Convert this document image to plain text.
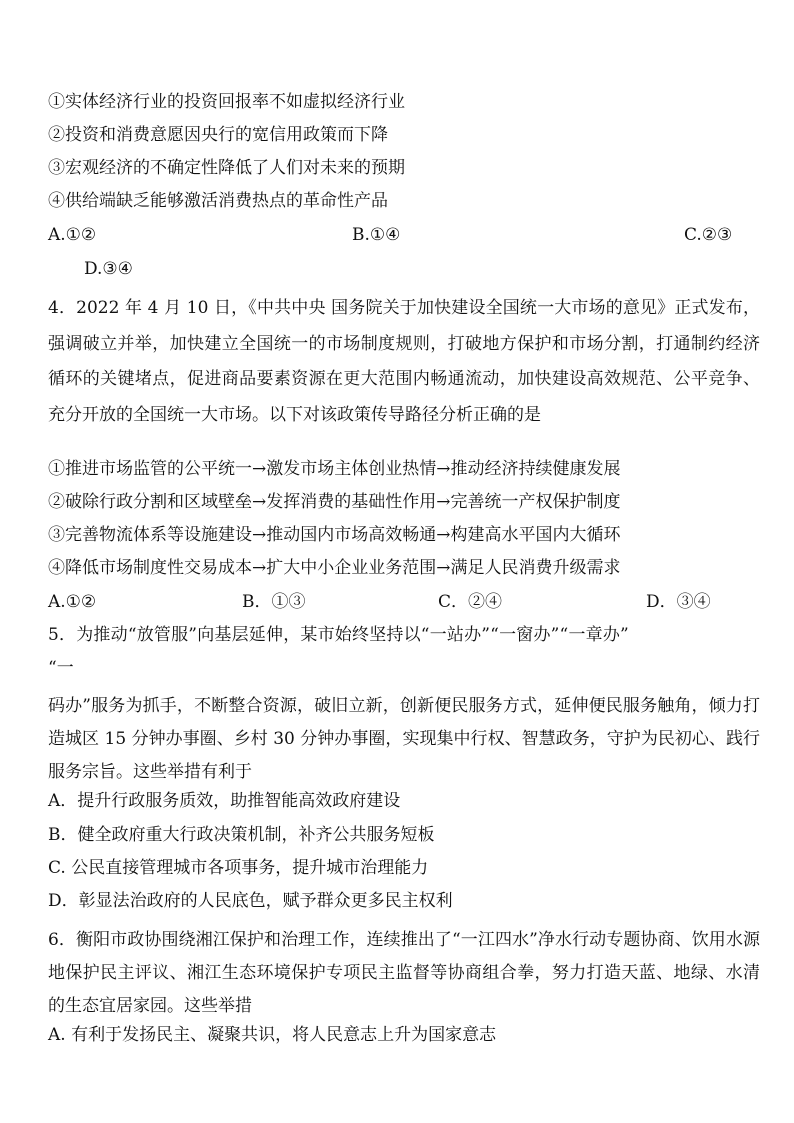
①实体经济行业的投资回报率不如虚拟经济行业
②投资和消费意愿因央行的宽信用政策而下降
③宏观经济的不确定性降低了人们对未来的预期
④供给端缺乏能够激活消费热点的革命性产品
A.①②	B.①④	C.②③
D.③④
4．2022 年 4 月 10 日，《中共中央 国务院关于加快建设全国统一大市场的意见》正式发布，强调破立并举，加快建立全国统一的市场制度规则，打破地方保护和市场分割，打通制约经济循环的关键堵点，促进商品要素资源在更大范围内畅通流动，加快建设高效规范、公平竞争、充分开放的全国统一大市场。以下对该政策传导路径分析正确的是
①推进市场监管的公平统一→激发市场主体创业热情→推动经济持续健康发展
②破除行政分割和区域壁垒→发挥消费的基础性作用→完善统一产权保护制度
③完善物流体系等设施建设→推动国内市场高效畅通→构建高水平国内大循环
④降低市场制度性交易成本→扩大中小企业业务范围→满足人民消费升级需求
A.①②	B．①③	C．②④	D．③④
5．为推动“放管服”向基层延伸，某市始终坚持以“一站办”“一窗办”“一章办”
“一
码办”服务为抓手，不断整合资源，破旧立新，创新便民服务方式，延伸便民服务触角，倾力打造城区 15 分钟办事圈、乡村 30 分钟办事圈，实现集中行权、智慧政务，守护为民初心、践行服务宗旨。这些举措有利于
A．提升行政服务质效，助推智能高效政府建设
B．健全政府重大行政决策机制，补齐公共服务短板
C. 公民直接管理城市各项事务，提升城市治理能力
D．彰显法治政府的人民底色，赋予群众更多民主权利
6．衡阳市政协围绕湘江保护和治理工作，连续推出了“一江四水”净水行动专题协商、饮用水源地保护民主评议、湘江生态环境保护专项民主监督等协商组合拳，努力打造天蓝、地绿、水清的生态宜居家园。这些举措
A. 有利于发扬民主、凝聚共识，将人民意志上升为国家意志
